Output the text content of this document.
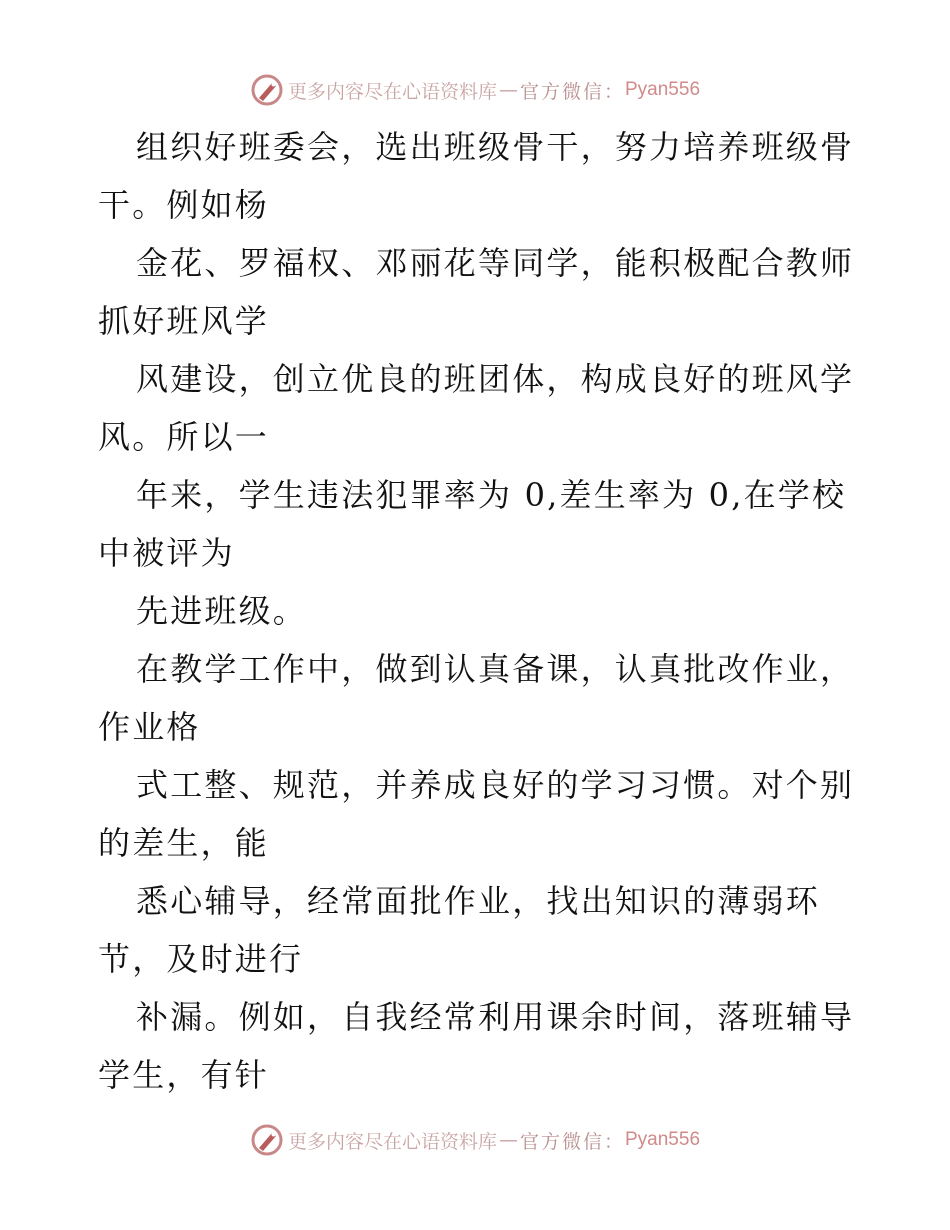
更多内容尽在心语资料库 — 官方微信： Pyan556

组织好班委会，选出班级骨干，努力培养班级骨
干。例如杨

金花、罗福权、邓丽花等同学，能积极配合教师
抓好班风学

风建设，创立优良的班团体，构成良好的班风学
风。所以一

年来，学生违法犯罪率为 0,差生率为 0,在学校
中被评为

先进班级。

在教学工作中，做到认真备课，认真批改作业，
作业格

式工整、规范，并养成良好的学习习惯。对个别
的差生，能

悉心辅导，经常面批作业，找出知识的薄弱环
节，及时进行

补漏。例如，自我经常利用课余时间，落班辅导
学生，有针

更多内容尽在心语资料库 — 官方微信： Pyan556
